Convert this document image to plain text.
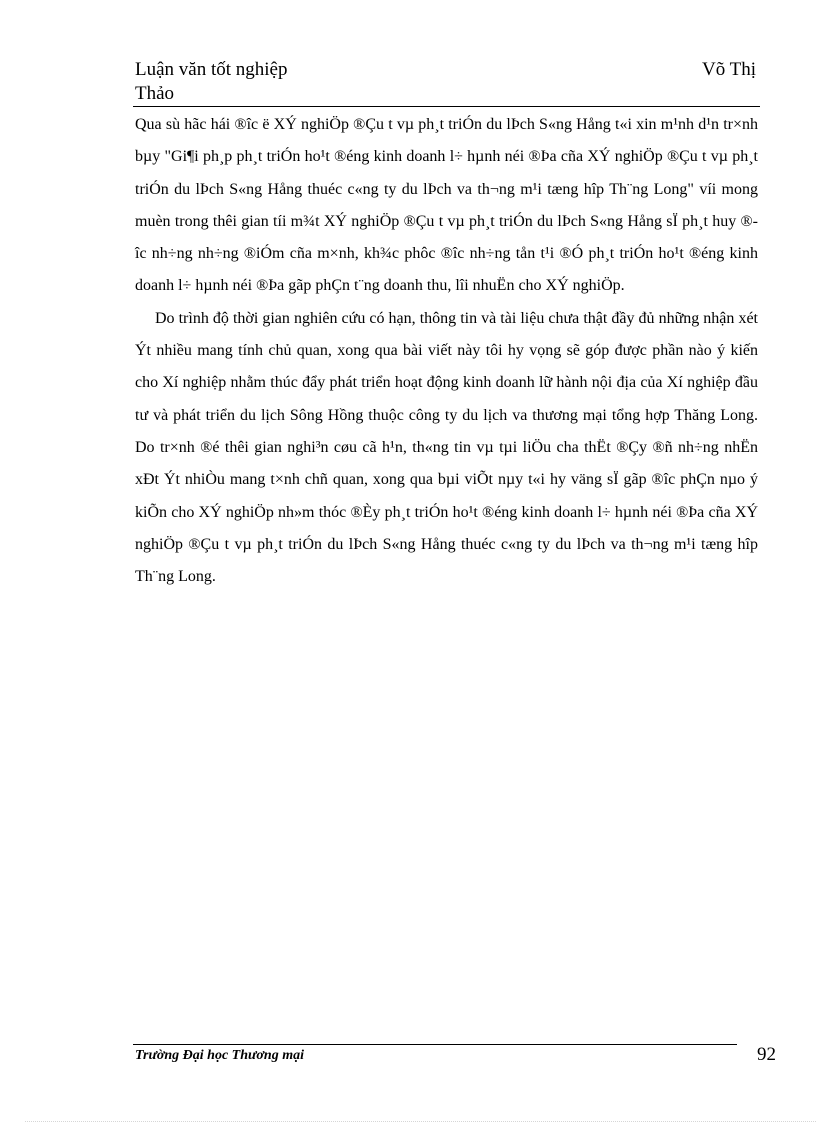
Luận văn tốt nghiệp
Thảo
Võ Thị

Qua sù hãc hái ®îc ë XÝ nghiÖp ®Çu t vµ ph¸t triÓn du lÞch S«ng Hång t«i xin m¹nh d¹n tr×nh bµy "Gi¶i ph¸p ph¸t triÓn ho¹t ®éng kinh doanh l÷ hµnh néi ®Þa cña XÝ nghiÖp ®Çu t vµ ph¸t triÓn du lÞch S«ng Hång thuéc c«ng ty du lÞch va th¬ng m¹i tæng hîp Th¨ng Long" víi mong muèn trong thêi gian tíi m¾t XÝ nghiÖp ®Çu t vµ ph¸t triÓn du lÞch S«ng Hång sÏ ph¸t huy ®îc nh÷ng nh÷ng ®iÓm cña m×nh, kh¾c phôc ®îc nh÷ng tån t¹i ®Ó ph¸t triÓn ho¹t ®éng kinh doanh l÷ hµnh néi ®Þa gãp phÇn t¨ng doanh thu, lîi nhuËn cho XÝ nghiÖp.

Do trình độ thời gian nghiên cứu có hạn, thông tin và tài liệu chưa thật đầy đủ những nhận xét Ýt nhiều mang tính chủ quan, xong qua bài viết này tôi hy vọng sẽ góp được phần nào ý kiến cho Xí nghiệp nhằm thúc đẩy phát triển hoạt động kinh doanh lữ hành nội địa của Xí nghiệp đầu tư và phát triển du lịch Sông Hồng thuộc công ty du lịch va thương mại tổng hợp Thăng Long. Do tr×nh ®é thêi gian nghi³n cøu cã h¹n, th«ng tin vµ tµi liÖu cha thËt ®Çy ®ñ nh÷ng nhËn xÐt Ýt nhiÒu mang t×nh chñ quan, xong qua bµi viÕt nµy t«i hy väng sÏ gãp ®îc phÇn nµo ý kiÕn cho XÝ nghiÖp nh»m thóc ®Èy ph¸t triÓn ho¹t ®éng kinh doanh l÷ hµnh néi ®Þa cña XÝ nghiÖp ®Çu t vµ ph¸t triÓn du lÞch S«ng Hång thuéc c«ng ty du lÞch va th¬ng m¹i tæng hîp Th¨ng Long.

Trường Đại học Thương mại	92
